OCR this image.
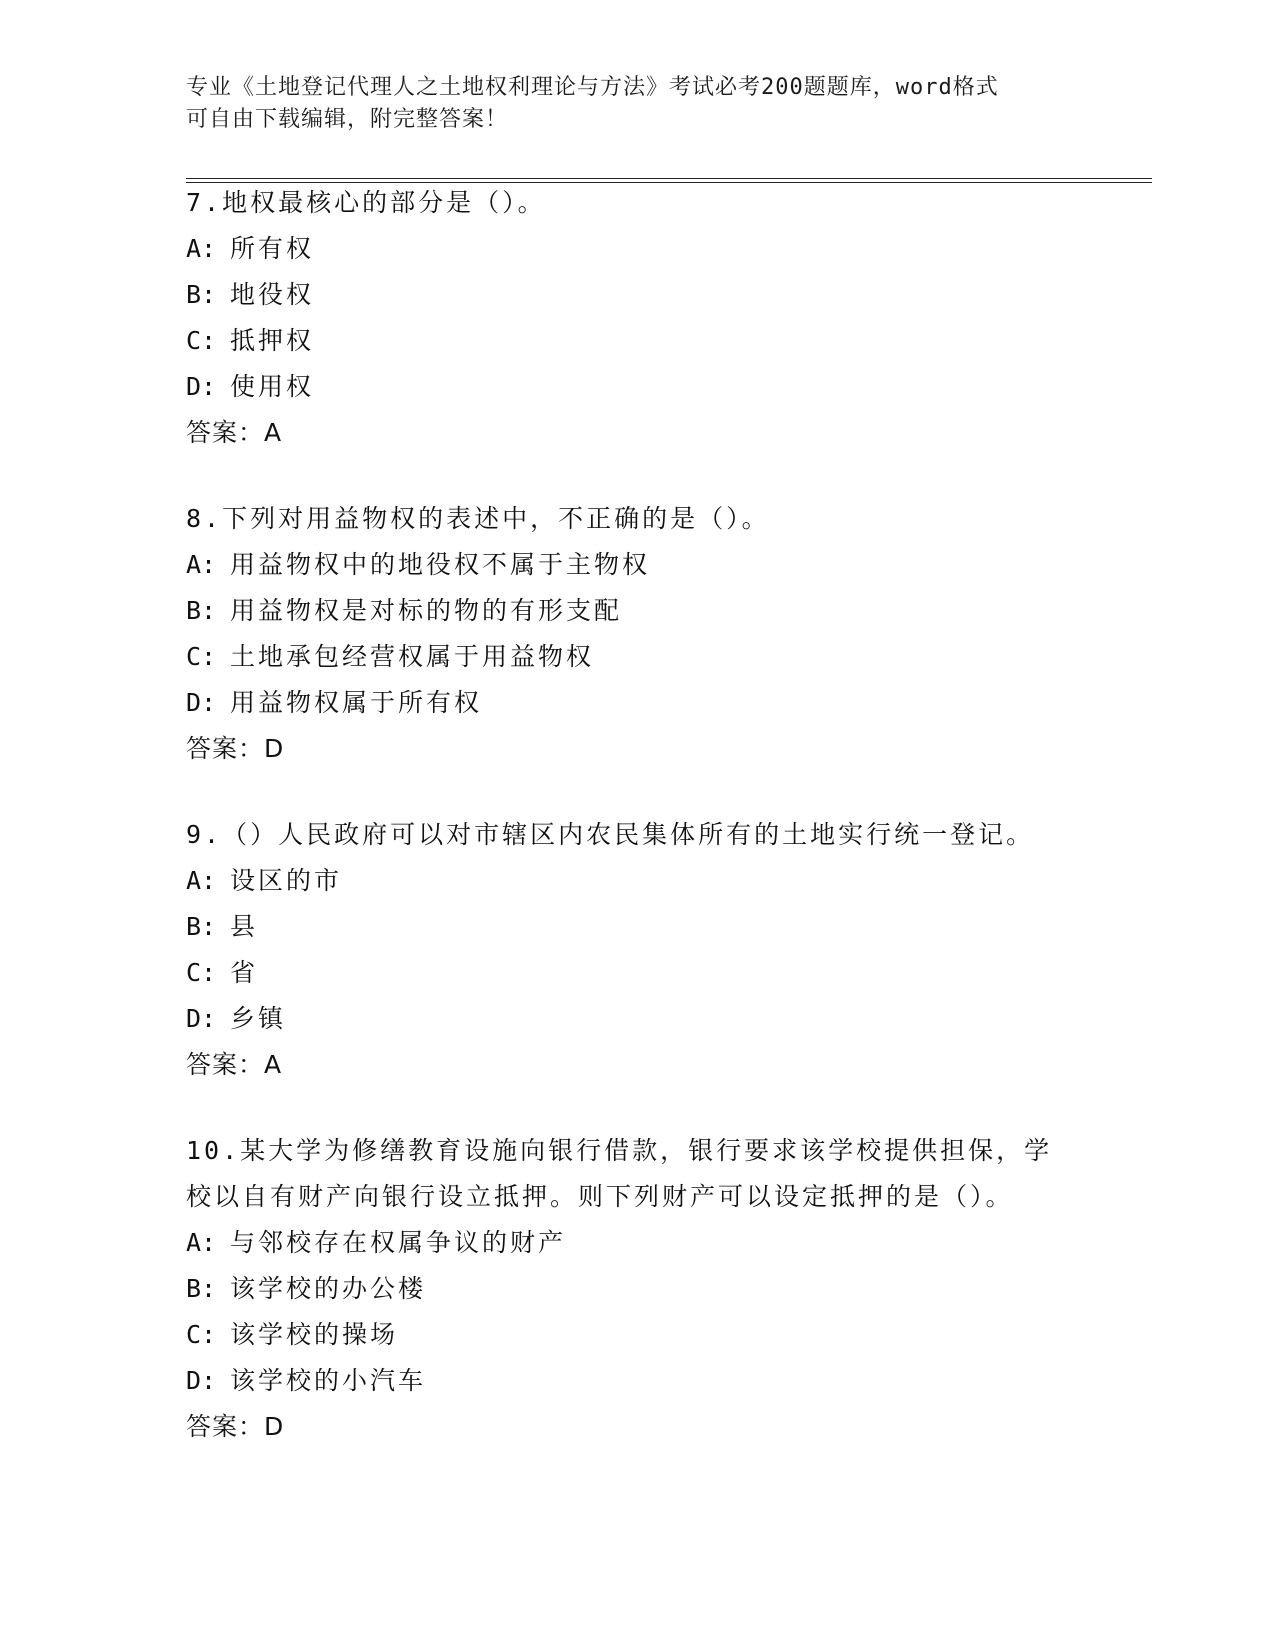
专业《土地登记代理人之土地权利理论与方法》考试必考200题题库，word格式
可自由下载编辑，附完整答案！

7.地权最核心的部分是（）。

A: 所有权
B: 地役权
C: 抵押权
D: 使用权

答案：A

8.下列对用益物权的表述中，不正确的是（）。

A: 用益物权中的地役权不属于主物权
B: 用益物权是对标的物的有形支配
C: 土地承包经营权属于用益物权
D: 用益物权属于所有权

答案：D

9.（）人民政府可以对市辖区内农民集体所有的土地实行统一登记。

A: 设区的市
B: 县
C: 省
D: 乡镇

答案：A

10.某大学为修缮教育设施向银行借款，银行要求该学校提供担保，学校以自有财产向银行设立抵押。则下列财产可以设定抵押的是（）。

A: 与邻校存在权属争议的财产
B: 该学校的办公楼
C: 该学校的操场
D: 该学校的小汽车

答案：D
